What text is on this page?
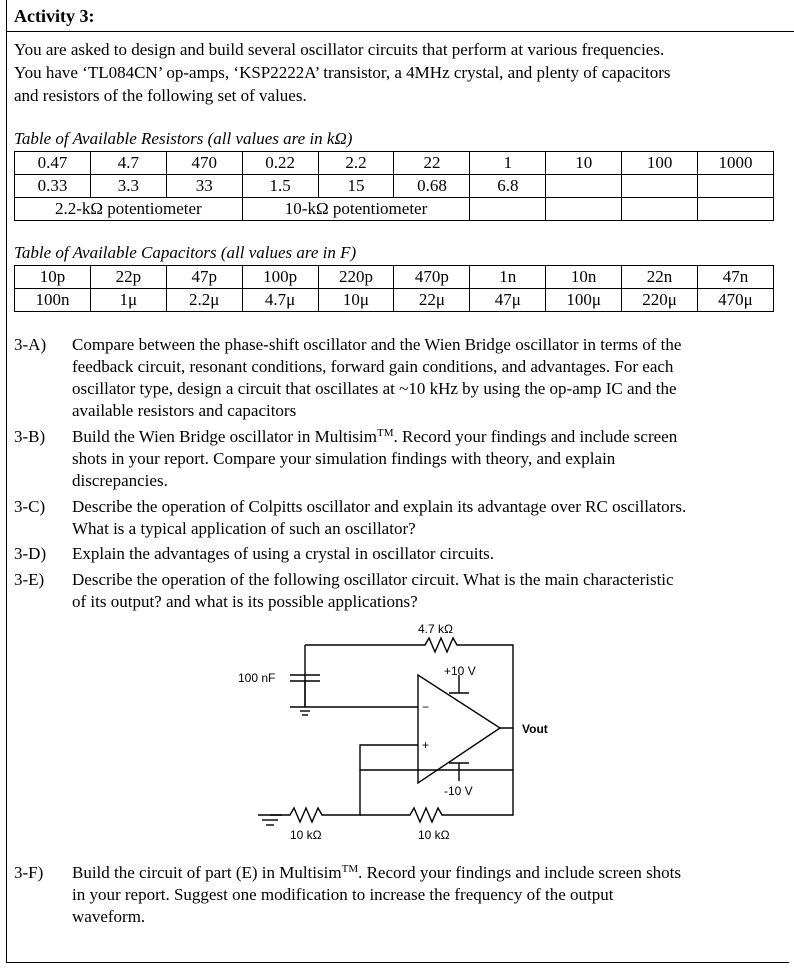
Activity 3:
You are asked to design and build several oscillator circuits that perform at various frequencies.
You have ‘TL084CN’ op-amps, ‘KSP2222A’ transistor, a 4MHz crystal, and plenty of capacitors
and resistors of the following set of values.
Table of Available Resistors (all values are in kΩ)
0.47	4.7	470	0.22	2.2	22	1	10	100	1000
0.33	3.3	33	1.5	15	0.68	6.8			
2.2-kΩ potentiometer			10-kΩ potentiometer						
Table of Available Capacitors (all values are in F)
10p	22p	47p	100p	220p	470p	1n	10n	22n	47n
100n	1μ	2.2μ	4.7μ	10μ	22μ	47μ	100μ	220μ	470μ
3-A) Compare between the phase-shift oscillator and the Wien Bridge oscillator in terms of the
feedback circuit, resonant conditions, forward gain conditions, and advantages. For each
oscillator type, design a circuit that oscillates at ~10 kHz by using the op-amp IC and the
available resistors and capacitors
3-B) Build the Wien Bridge oscillator in Multisim™. Record your findings and include screen
shots in your report. Compare your simulation findings with theory, and explain
discrepancies.
3-C) Describe the operation of Colpitts oscillator and explain its advantage over RC oscillators.
What is a typical application of such an oscillator?
3-D) Explain the advantages of using a crystal in oscillator circuits.
3-E) Describe the operation of the following oscillator circuit. What is the main characteristic
of its output? and what is its possible applications?
4.7 kΩ
100 nF	+10 V
-10 V
Vout
10 kΩ	10 kΩ
−
+
3-F) Build the circuit of part (E) in Multisim™. Record your findings and include screen shots
in your report. Suggest one modification to increase the frequency of the output
waveform.
